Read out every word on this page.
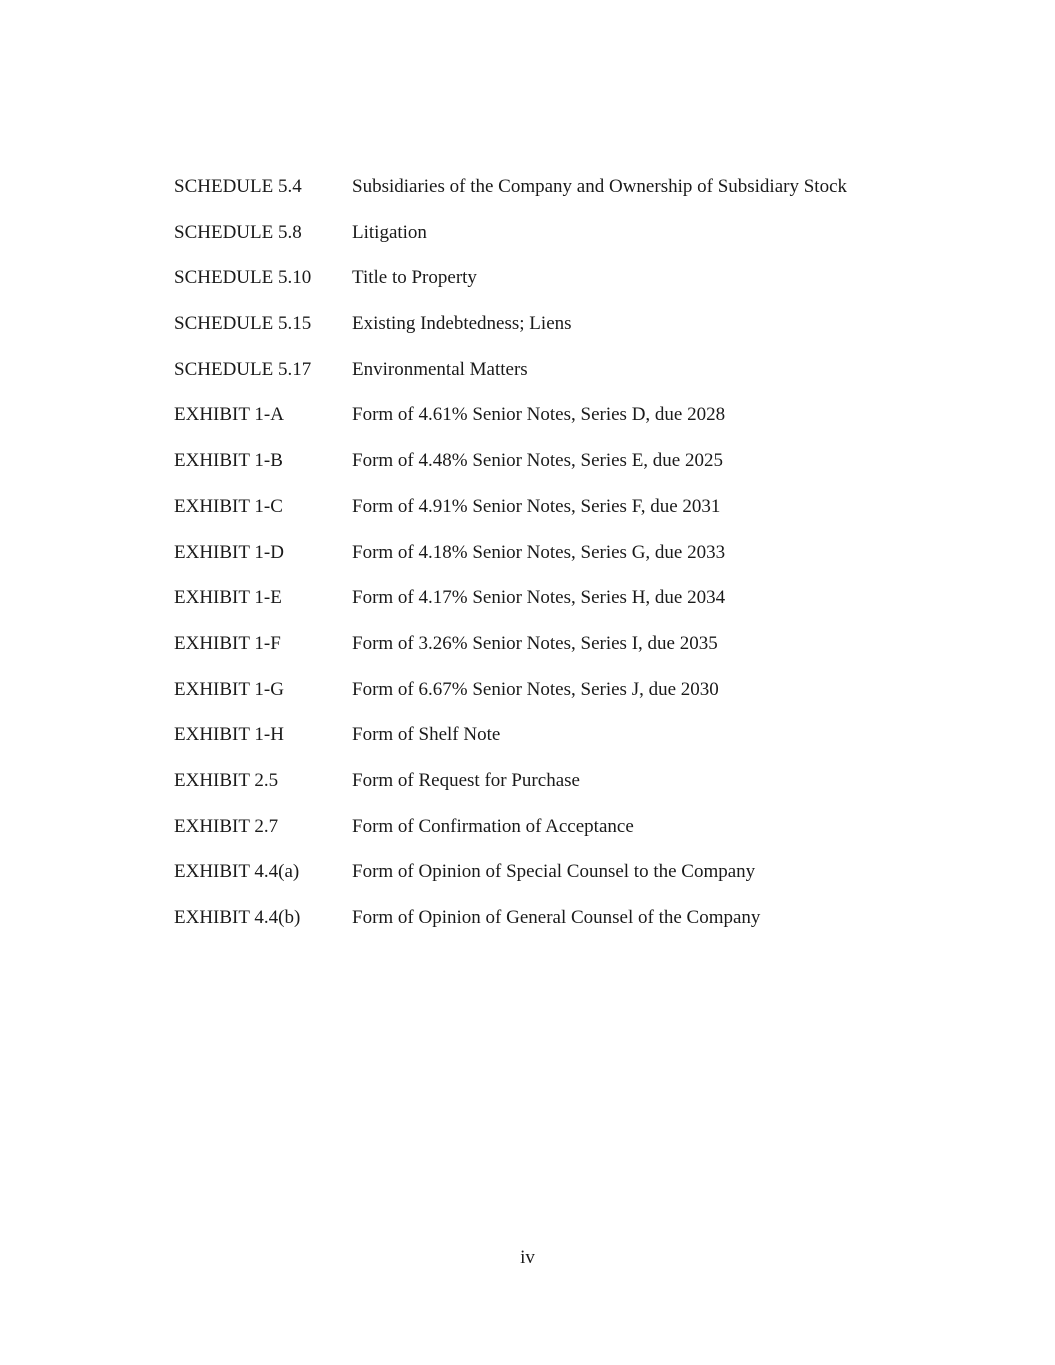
SCHEDULE 5.4	Subsidiaries of the Company and Ownership of Subsidiary Stock
SCHEDULE 5.8	Litigation
SCHEDULE 5.10	Title to Property
SCHEDULE 5.15	Existing Indebtedness; Liens
SCHEDULE 5.17	Environmental Matters
EXHIBIT 1-A	Form of 4.61% Senior Notes, Series D, due 2028
EXHIBIT 1-B	Form of 4.48% Senior Notes, Series E, due 2025
EXHIBIT 1-C	Form of 4.91% Senior Notes, Series F, due 2031
EXHIBIT 1-D	Form of 4.18% Senior Notes, Series G, due 2033
EXHIBIT 1-E	Form of 4.17% Senior Notes, Series H, due 2034
EXHIBIT 1-F	Form of 3.26% Senior Notes, Series I, due 2035
EXHIBIT 1-G	Form of 6.67% Senior Notes, Series J, due 2030
EXHIBIT 1-H	Form of Shelf Note
EXHIBIT 2.5	Form of Request for Purchase
EXHIBIT 2.7	Form of Confirmation of Acceptance
EXHIBIT 4.4(a)	Form of Opinion of Special Counsel to the Company
EXHIBIT 4.4(b)	Form of Opinion of General Counsel of the Company
iv
